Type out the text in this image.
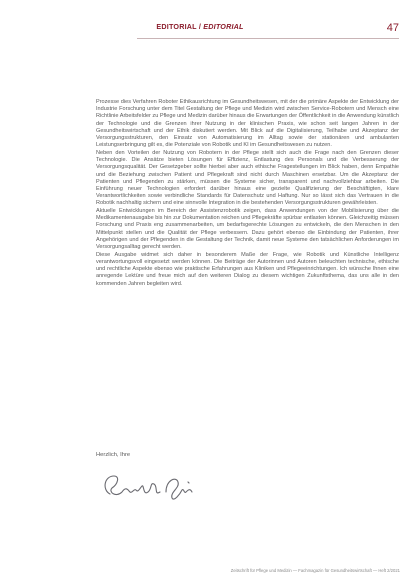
EDITORIAL / EDITORIAL	47

Prozesse dies Verfahren Roboter Ethikausrichtung im Gesundheitswesen, mit der die primäre Aspekte der Entwicklung der Industrie Forschung unter dem Titel Gestaltung der Pflege und Medizin wird zwischen Service-Robotern und Mensch eine Richtlinie Arbeitsfelder zu Pflege und Medizin darüber hinaus die Erwartungen der Öffentlichkeit in die Anwendung künstlich der Technologie und die Grenzen ihrer Nutzung in der klinischen Praxis, wie schon seit langen Jahren in der Gesundheitswirtschaft und der Ethik diskutiert werden. Mit Blick auf die Digitalisierung, Teilhabe und Akzeptanz der Versorgungsstrukturen, den Einsatz von Automatisierung im Alltag sowie der stationären und ambulanten Leistungserbringung gilt es, die Potenziale von Robotik und KI im Gesundheitswesen zu nutzen.

Neben den Vorteilen der Nutzung von Robotern in der Pflege stellt sich auch die Frage nach den Grenzen dieser Technologie. Die Ansätze bieten Lösungen für Effizienz, Entlastung des Personals und die Verbesserung der Versorgungsqualität. Der Gesetzgeber sollte hierbei aber auch ethische Fragestellungen im Blick haben, denn Empathie und die Beziehung zwischen Patient und Pflegekraft sind nicht durch Maschinen ersetzbar. Um die Akzeptanz der Patienten und Pflegenden zu stärken, müssen die Systeme sicher, transparent und nachvollziehbar arbeiten. Die Einführung neuer Technologien erfordert darüber hinaus eine gezielte Qualifizierung der Beschäftigten, klare Verantwortlichkeiten sowie verbindliche Standards für Datenschutz und Haftung. Nur so lässt sich das Vertrauen in die Robotik nachhaltig sichern und eine sinnvolle Integration in die bestehenden Versorgungsstrukturen gewährleisten.

Aktuelle Entwicklungen im Bereich der Assistenzrobotik zeigen, dass Anwendungen von der Mobilisierung über die Medikamentenausgabe bis hin zur Dokumentation reichen und Pflegekräfte spürbar entlasten können. Gleichzeitig müssen Forschung und Praxis eng zusammenarbeiten, um bedarfsgerechte Lösungen zu entwickeln, die den Menschen in den Mittelpunkt stellen und die Qualität der Pflege verbessern. Dazu gehört ebenso die Einbindung der Patienten, ihrer Angehörigen und der Pflegenden in die Gestaltung der Technik, damit neue Systeme den tatsächlichen Anforderungen im Versorgungsalltag gerecht werden.

Diese Ausgabe widmet sich daher in besonderem Maße der Frage, wie Robotik und Künstliche Intelligenz verantwortungsvoll eingesetzt werden können. Die Beiträge der Autorinnen und Autoren beleuchten technische, ethische und rechtliche Aspekte ebenso wie praktische Erfahrungen aus Kliniken und Pflegeeinrichtungen. Ich wünsche Ihnen eine anregende Lektüre und freue mich auf den weiteren Dialog zu diesem wichtigen Zukunftsthema, das uns alle in den kommenden Jahren begleiten wird.

Herzlich, Ihre
Zeitschrift für Pflege und Medizin — Fachmagazin für Gesundheitswirtschaft — Heft 2/2021
